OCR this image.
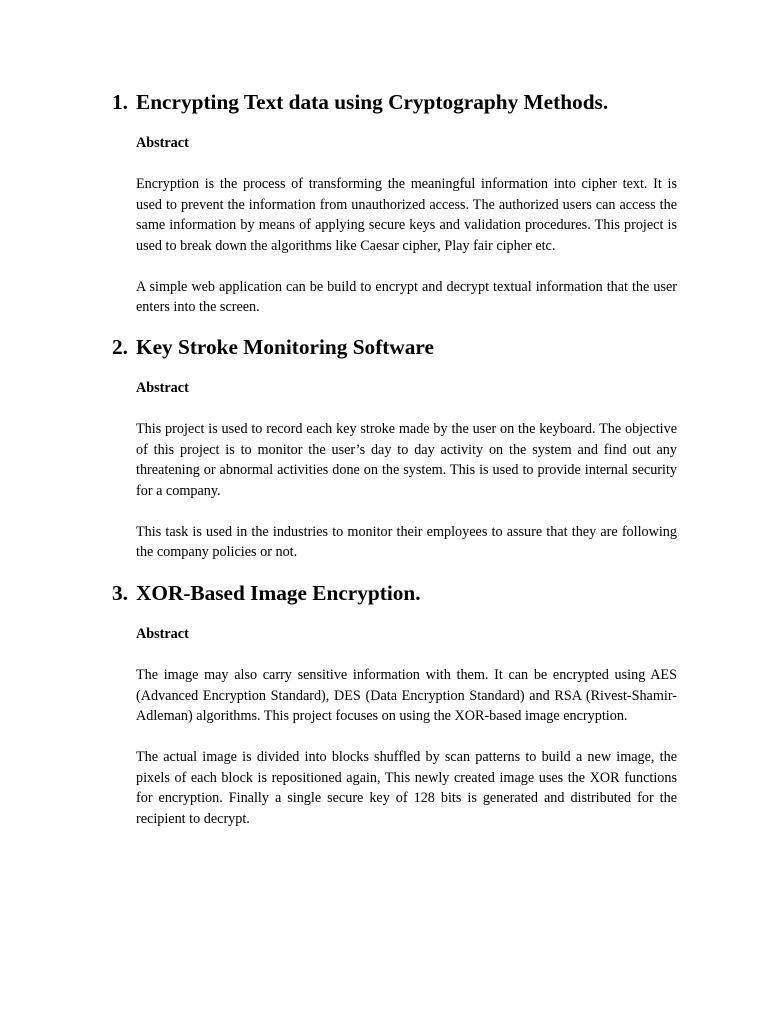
1. Encrypting Text data using Cryptography Methods.

Abstract

Encryption is the process of transforming the meaningful information into cipher text. It is used to prevent the information from unauthorized access. The authorized users can access the same information by means of applying secure keys and validation procedures. This project is used to break down the algorithms like Caesar cipher, Play fair cipher etc.

A simple web application can be build to encrypt and decrypt textual information that the user enters into the screen.

2. Key Stroke Monitoring Software

Abstract

This project is used to record each key stroke made by the user on the keyboard. The objective of this project is to monitor the user’s day to day activity on the system and find out any threatening or abnormal activities done on the system. This is used to provide internal security for a company.

This task is used in the industries to monitor their employees to assure that they are following the company policies or not.

3. XOR-Based Image Encryption.

Abstract

The image may also carry sensitive information with them. It can be encrypted using AES (Advanced Encryption Standard), DES (Data Encryption Standard) and RSA (Rivest-Shamir-Adleman) algorithms. This project focuses on using the XOR-based image encryption.

The actual image is divided into blocks shuffled by scan patterns to build a new image, the pixels of each block is repositioned again, This newly created image uses the XOR functions for encryption. Finally a single secure key of 128 bits is generated and distributed for the recipient to decrypt.
